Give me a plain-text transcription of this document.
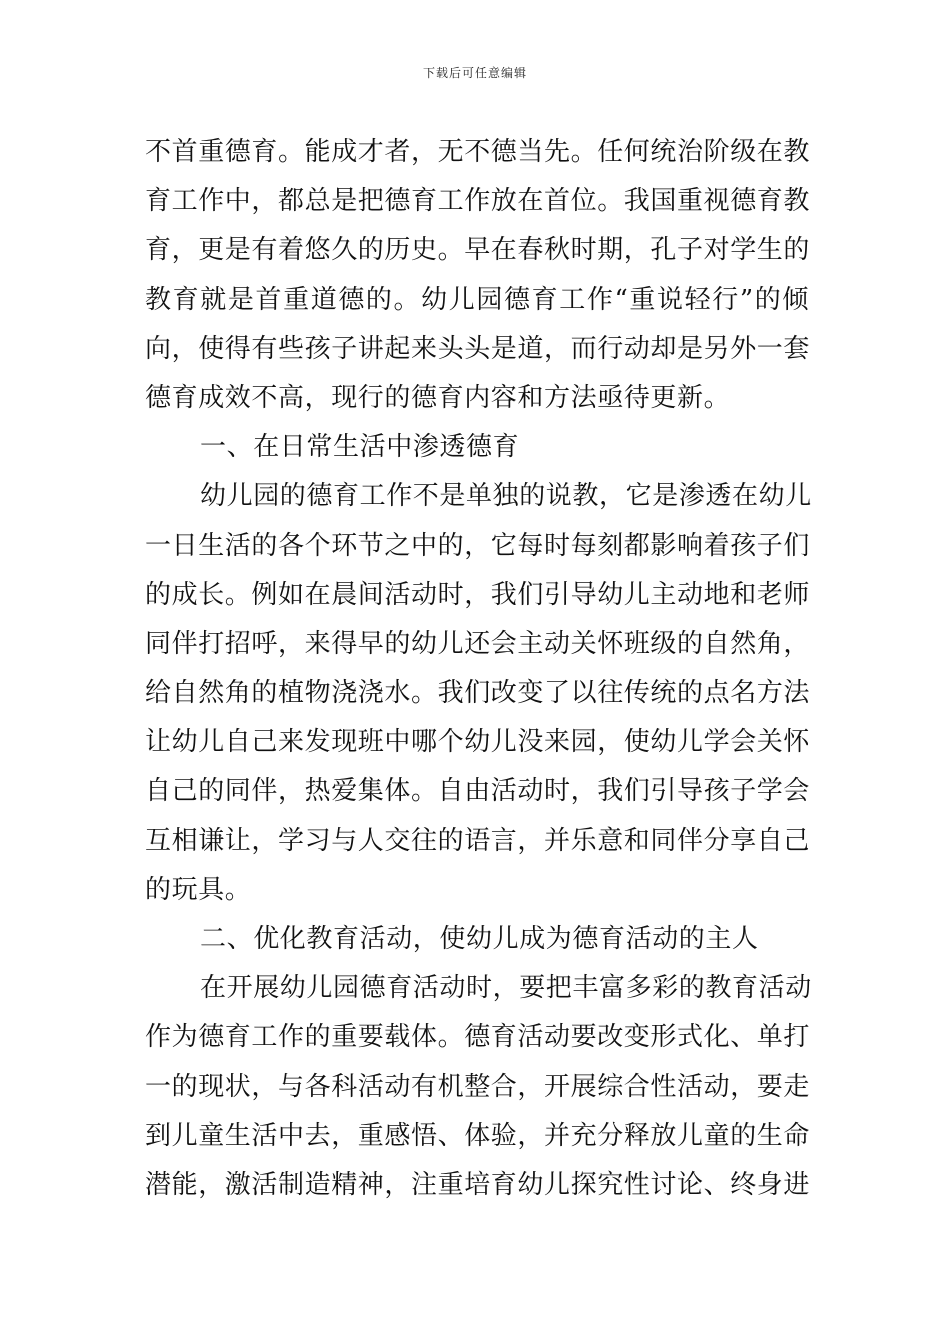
下载后可任意编辑
不首重德育。能成才者，无不德当先。任何统治阶级在教
育工作中，都总是把德育工作放在首位。我国重视德育教
育，更是有着悠久的历史。早在春秋时期，孔子对学生的
教育就是首重道德的。幼儿园德育工作“重说轻行”的倾
向，使得有些孩子讲起来头头是道，而行动却是另外一套
德育成效不高，现行的德育内容和方法亟待更新。
一、在日常生活中渗透德育
幼儿园的德育工作不是单独的说教，它是渗透在幼儿
一日生活的各个环节之中的，它每时每刻都影响着孩子们
的成长。例如在晨间活动时，我们引导幼儿主动地和老师
同伴打招呼，来得早的幼儿还会主动关怀班级的自然角，
给自然角的植物浇浇水。我们改变了以往传统的点名方法
让幼儿自己来发现班中哪个幼儿没来园，使幼儿学会关怀
自己的同伴，热爱集体。自由活动时，我们引导孩子学会
互相谦让，学习与人交往的语言，并乐意和同伴分享自己
的玩具。
二、优化教育活动，使幼儿成为德育活动的主人
在开展幼儿园德育活动时，要把丰富多彩的教育活动
作为德育工作的重要载体。德育活动要改变形式化、单打
一的现状，与各科活动有机整合，开展综合性活动，要走
到儿童生活中去，重感悟、体验，并充分释放儿童的生命
潜能，激活制造精神，注重培育幼儿探究性讨论、终身进
